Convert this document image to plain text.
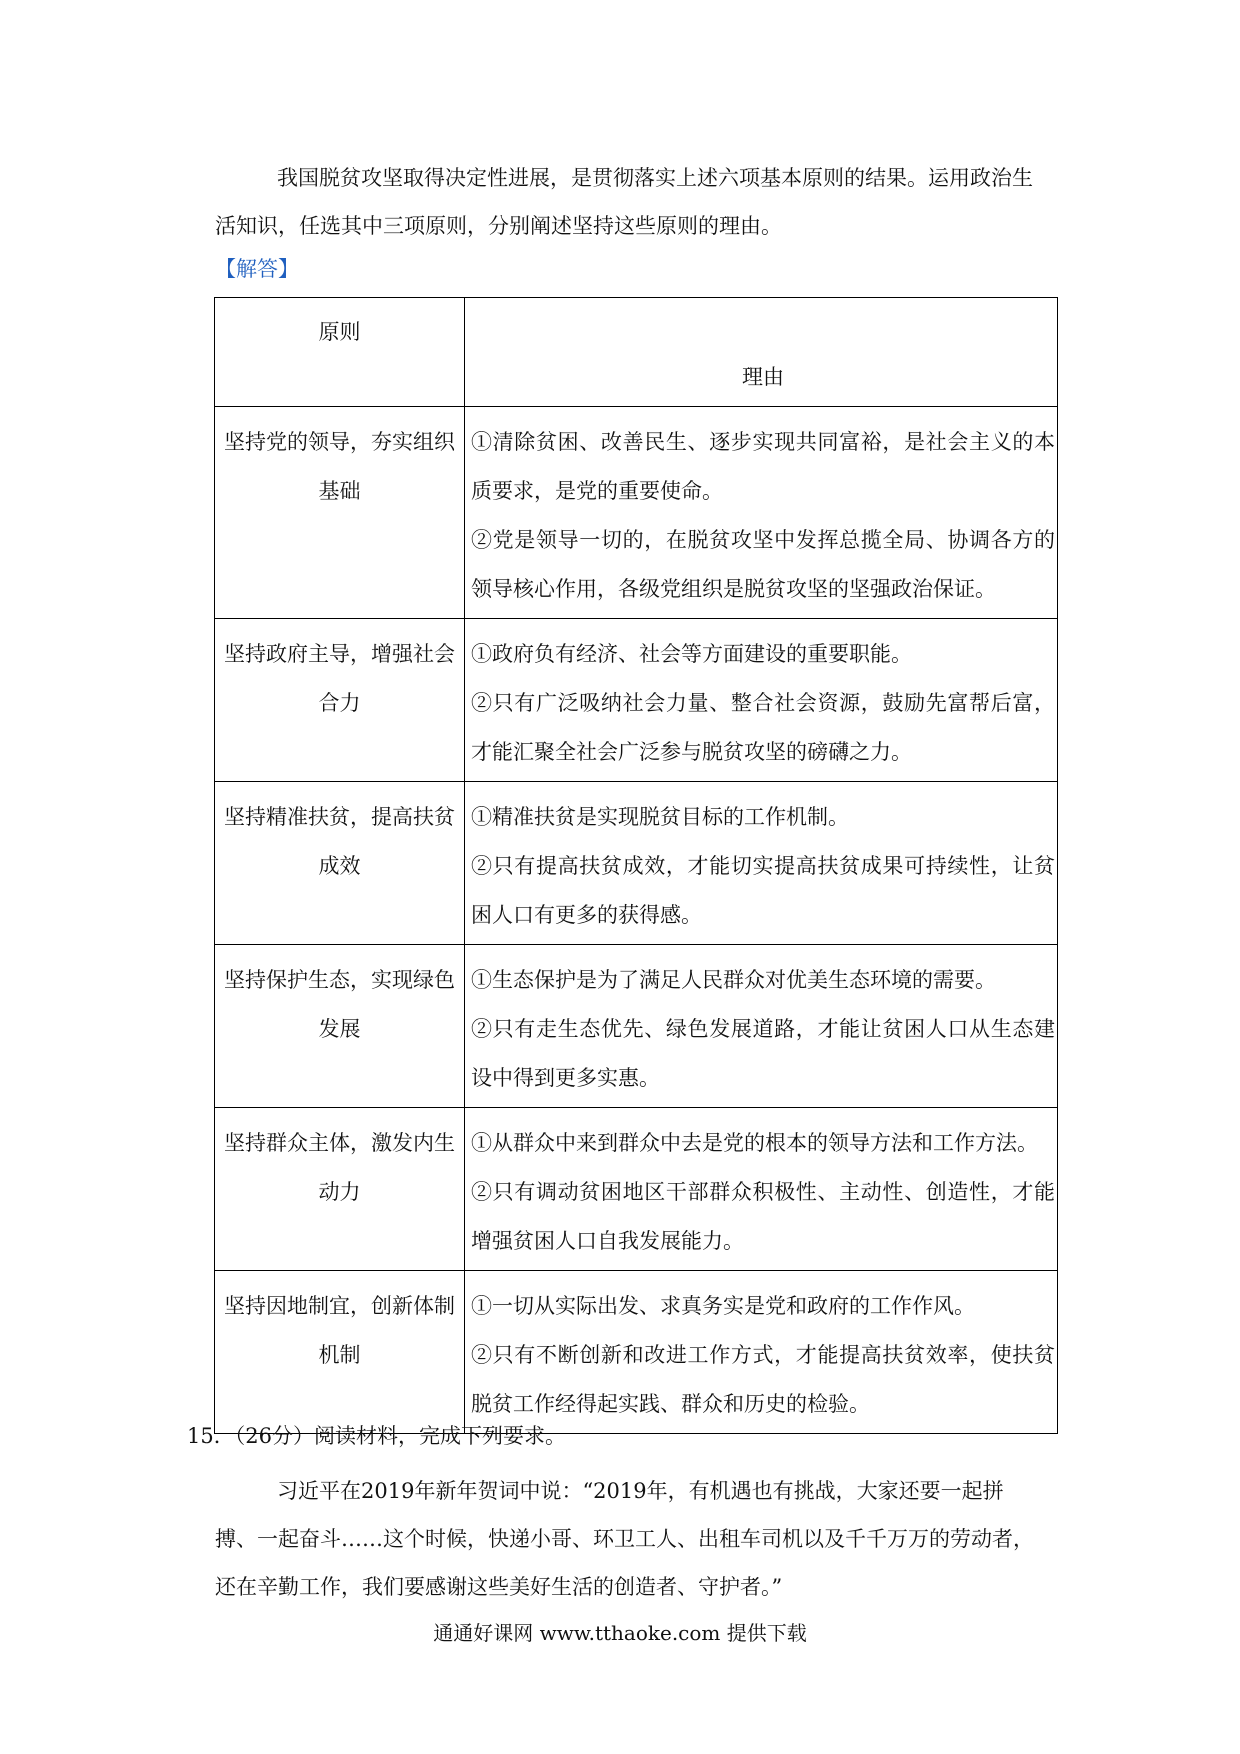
我国脱贫攻坚取得决定性进展，是贯彻落实上述六项基本原则的结果。运用政治生活知识，任选其中三项原则，分别阐述坚持这些原则的理由。

【解答】
原则	理由
坚持党的领导，夯实组织基础	①清除贫困、改善民生、逐步实现共同富裕，是社会主义的本质要求，是党的重要使命。
②党是领导一切的，在脱贫攻坚中发挥总揽全局、协调各方的领导核心作用，各级党组织是脱贫攻坚的坚强政治保证。

坚持政府主导，增强社会合力	①政府负有经济、社会等方面建设的重要职能。
②只有广泛吸纳社会力量、整合社会资源，鼓励先富帮后富，才能汇聚全社会广泛参与脱贫攻坚的磅礴之力。

坚持精准扶贫，提高扶贫成效	①精准扶贫是实现脱贫目标的工作机制。
②只有提高扶贫成效，才能切实提高扶贫成果可持续性，让贫困人口有更多的获得感。

坚持保护生态，实现绿色发展	①生态保护是为了满足人民群众对优美生态环境的需要。
②只有走生态优先、绿色发展道路，才能让贫困人口从生态建设中得到更多实惠。

坚持群众主体，激发内生动力	①从群众中来到群众中去是党的根本的领导方法和工作方法。
②只有调动贫困地区干部群众积极性、主动性、创造性，才能增强贫困人口自我发展能力。

坚持因地制宜，创新体制机制	①一切从实际出发、求真务实是党和政府的工作作风。
②只有不断创新和改进工作方式，才能提高扶贫效率，使扶贫脱贫工作经得起实践、群众和历史的检验。
15．（26分）阅读材料，完成下列要求。

习近平在2019年新年贺词中说：“2019年，有机遇也有挑战，大家还要一起拼搏、一起奋斗……这个时候，快递小哥、环卫工人、出租车司机以及千千万万的劳动者，还在辛勤工作，我们要感谢这些美好生活的创造者、守护者。”

通通好课网 www.tthaoke.com 提供下载
